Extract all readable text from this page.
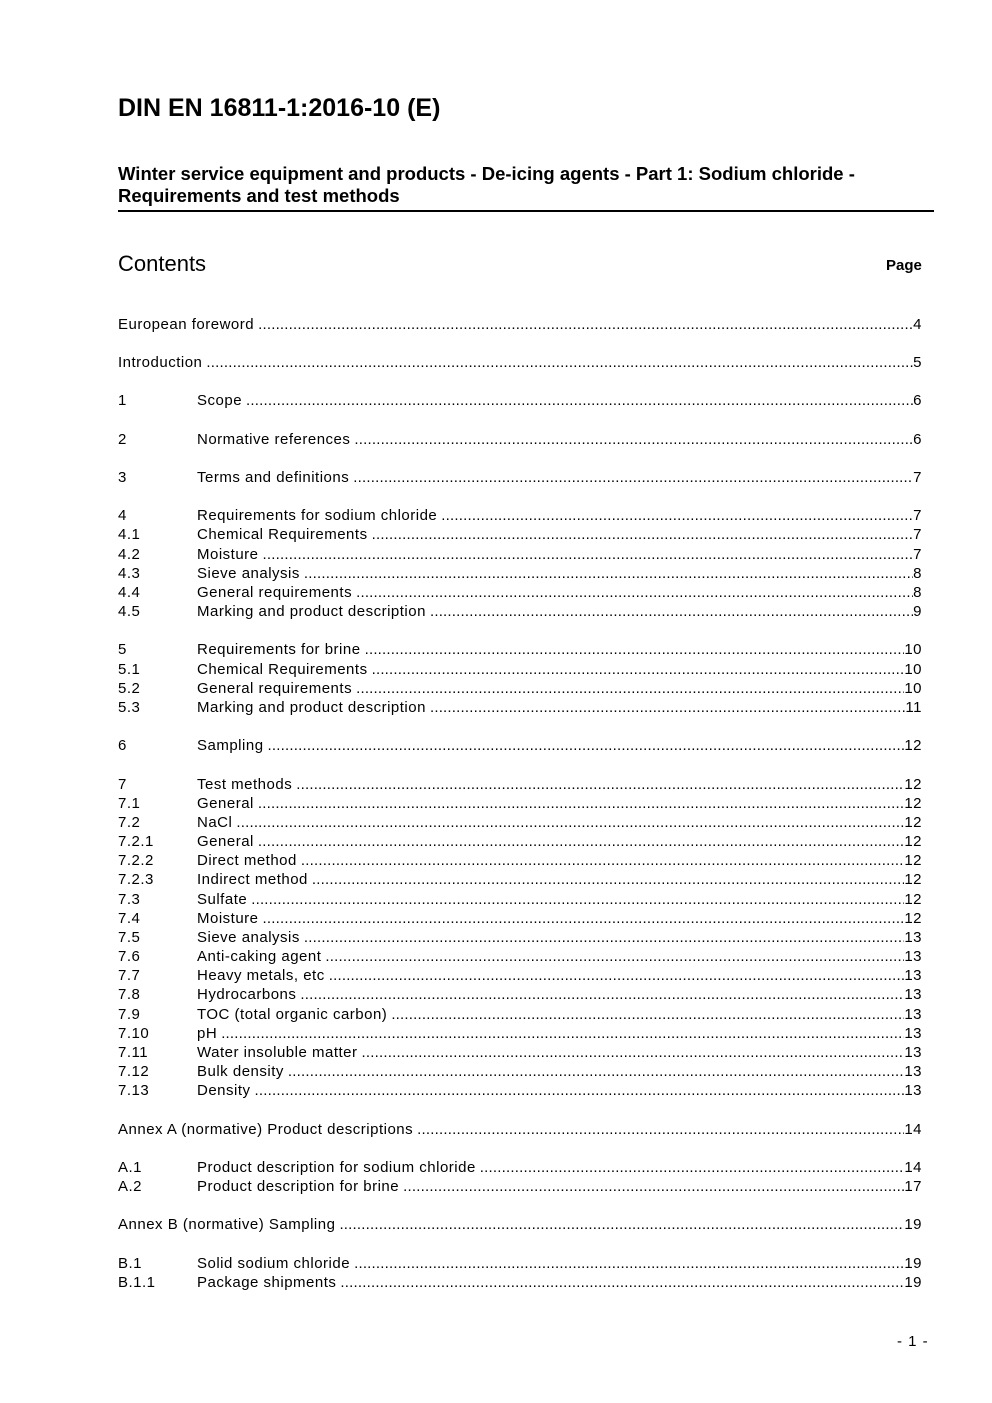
DIN EN 16811-1:2016-10 (E)
Winter service equipment and products - De-icing agents - Part 1: Sodium chloride - Requirements and test methods
Contents	Page
European foreword .....	4
Introduction .....	5
1	Scope .....	6
2	Normative references .....	6
3	Terms and definitions .....	7
4	Requirements for sodium chloride .....	7
4.1	Chemical Requirements .....	7
4.2	Moisture .....	7
4.3	Sieve analysis .....	8
4.4	General requirements .....	8
4.5	Marking and product description .....	9
5	Requirements for brine .....	10
5.1	Chemical Requirements .....	10
5.2	General requirements .....	10
5.3	Marking and product description .....	11
6	Sampling .....	12
7	Test methods .....	12
7.1	General .....	12
7.2	NaCl .....	12
7.2.1	General .....	12
7.2.2	Direct method .....	12
7.2.3	Indirect method .....	12
7.3	Sulfate .....	12
7.4	Moisture .....	12
7.5	Sieve analysis .....	13
7.6	Anti-caking agent .....	13
7.7	Heavy metals, etc .....	13
7.8	Hydrocarbons .....	13
7.9	TOC (total organic carbon) .....	13
7.10	pH .....	13
7.11	Water insoluble matter .....	13
7.12	Bulk density .....	13
7.13	Density .....	13
Annex A (normative) Product descriptions .....	14
A.1	Product description for sodium chloride .....	14
A.2	Product description for brine .....	17
Annex B (normative) Sampling .....	19
B.1	Solid sodium chloride .....	19
B.1.1	Package shipments .....	19
- 1 -
